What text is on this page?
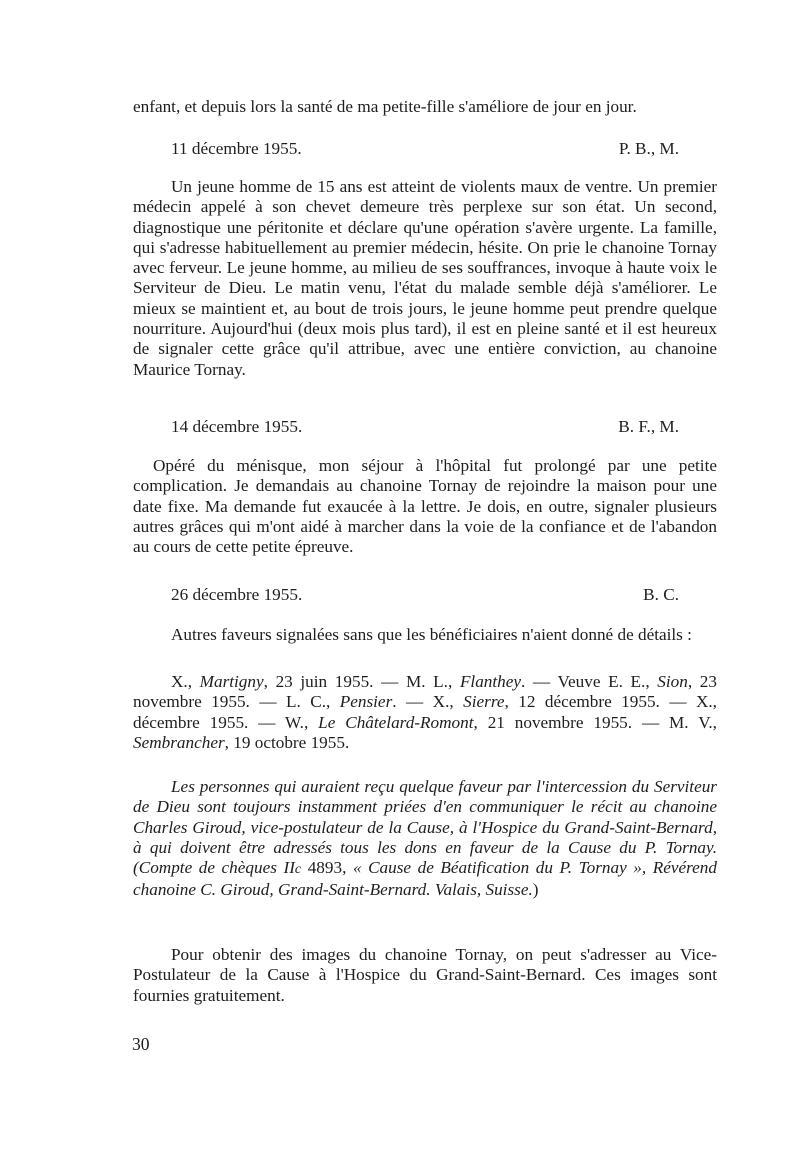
enfant, et depuis lors la santé de ma petite-fille s'améliore de jour en jour.

11 décembre 1955.	P. B., M.

Un jeune homme de 15 ans est atteint de violents maux de ventre. Un premier médecin appelé à son chevet demeure très perplexe sur son état. Un second, diagnostique une péritonite et déclare qu'une opération s'avère urgente. La famille, qui s'adresse habituellement au premier médecin, hésite. On prie le chanoine Tornay avec ferveur. Le jeune homme, au milieu de ses souffrances, invoque à haute voix le Serviteur de Dieu. Le matin venu, l'état du malade semble déjà s'améliorer. Le mieux se maintient et, au bout de trois jours, le jeune homme peut prendre quelque nourriture. Aujourd'hui (deux mois plus tard), il est en pleine santé et il est heureux de signaler cette grâce qu'il attribue, avec une entière conviction, au chanoine Maurice Tornay.

14 décembre 1955.	B. F., M.

Opéré du ménisque, mon séjour à l'hôpital fut prolongé par une petite complication. Je demandais au chanoine Tornay de rejoindre la maison pour une date fixe. Ma demande fut exaucée à la lettre. Je dois, en outre, signaler plusieurs autres grâces qui m'ont aidé à marcher dans la voie de la confiance et de l'abandon au cours de cette petite épreuve.

26 décembre 1955.	B. C.

Autres faveurs signalées sans que les bénéficiaires n'aient donné de détails :

X., Martigny, 23 juin 1955. — M. L., Flanthey. — Veuve E. E., Sion, 23 novembre 1955. — L. C., Pensier. — X., Sierre, 12 décembre 1955. — X., décembre 1955. — W., Le Châtelard-Romont, 21 novembre 1955. — M. V., Sembrancher, 19 octobre 1955.

Les personnes qui auraient reçu quelque faveur par l'intercession du Serviteur de Dieu sont toujours instamment priées d'en communiquer le récit au chanoine Charles Giroud, vice-postulateur de la Cause, à l'Hospice du Grand-Saint-Bernard, à qui doivent être adressés tous les dons en faveur de la Cause du P. Tornay. (Compte de chèques IIc 4893, « Cause de Béatification du P. Tornay », Révérend chanoine C. Giroud, Grand-Saint-Bernard. Valais, Suisse.)

Pour obtenir des images du chanoine Tornay, on peut s'adresser au Vice-Postulateur de la Cause à l'Hospice du Grand-Saint-Bernard. Ces images sont fournies gratuitement.

30
